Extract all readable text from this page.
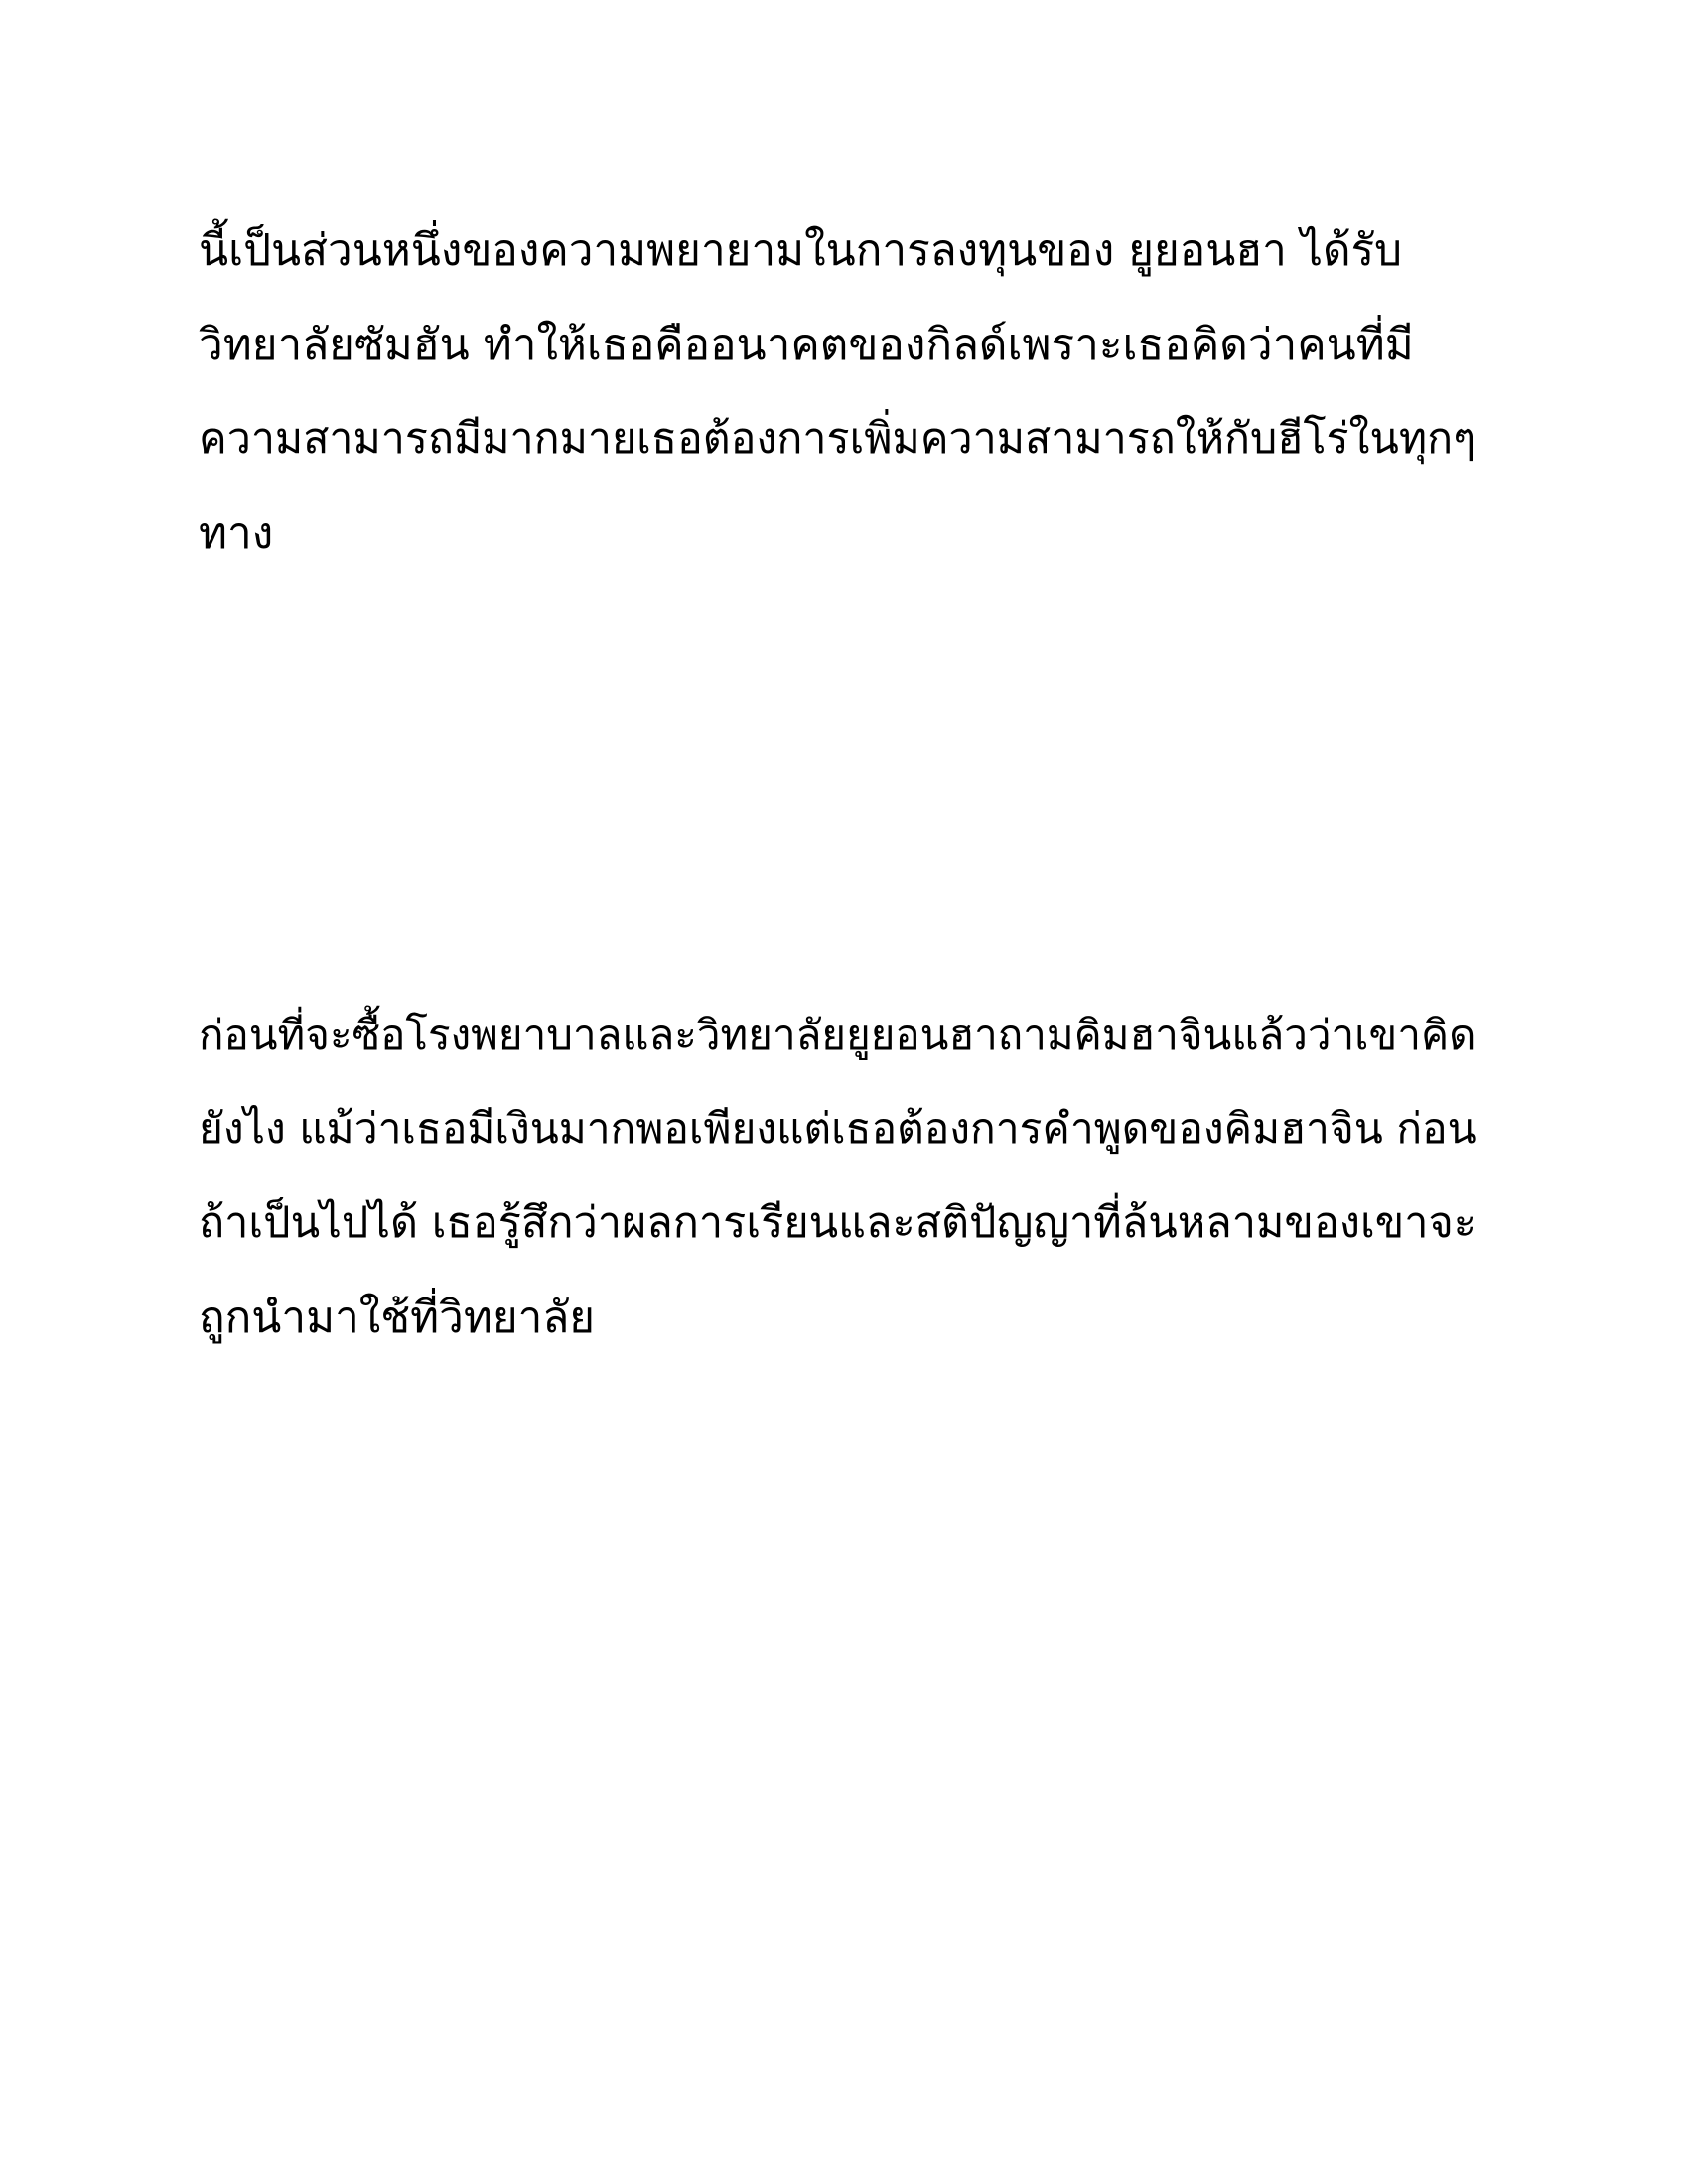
นี้เป็นส่วนหนึ่งของความพยายามในการลงทุนของ ยูยอนฮา ได้รับ
วิทยาลัยซัมฮัน ทำให้เธอคืออนาคตของกิลด์เพราะเธอคิดว่าคนที่มี
ความสามารถมีมากมายเธอต้องการเพิ่มความสามารถให้กับฮีโร่ในทุกๆ
ทาง
ก่อนที่จะซื้อโรงพยาบาลและวิทยาลัยยูยอนฮาถามคิมฮาจินแล้วว่าเขาคิด
ยังไง แม้ว่าเธอมีเงินมากพอเพียงแต่เธอต้องการคำพูดของคิมฮาจิน ก่อน
ถ้าเป็นไปได้ เธอรู้สึกว่าผลการเรียนและสติปัญญาที่ล้นหลามของเขาจะ
ถูกนำมาใช้ที่วิทยาลัย
